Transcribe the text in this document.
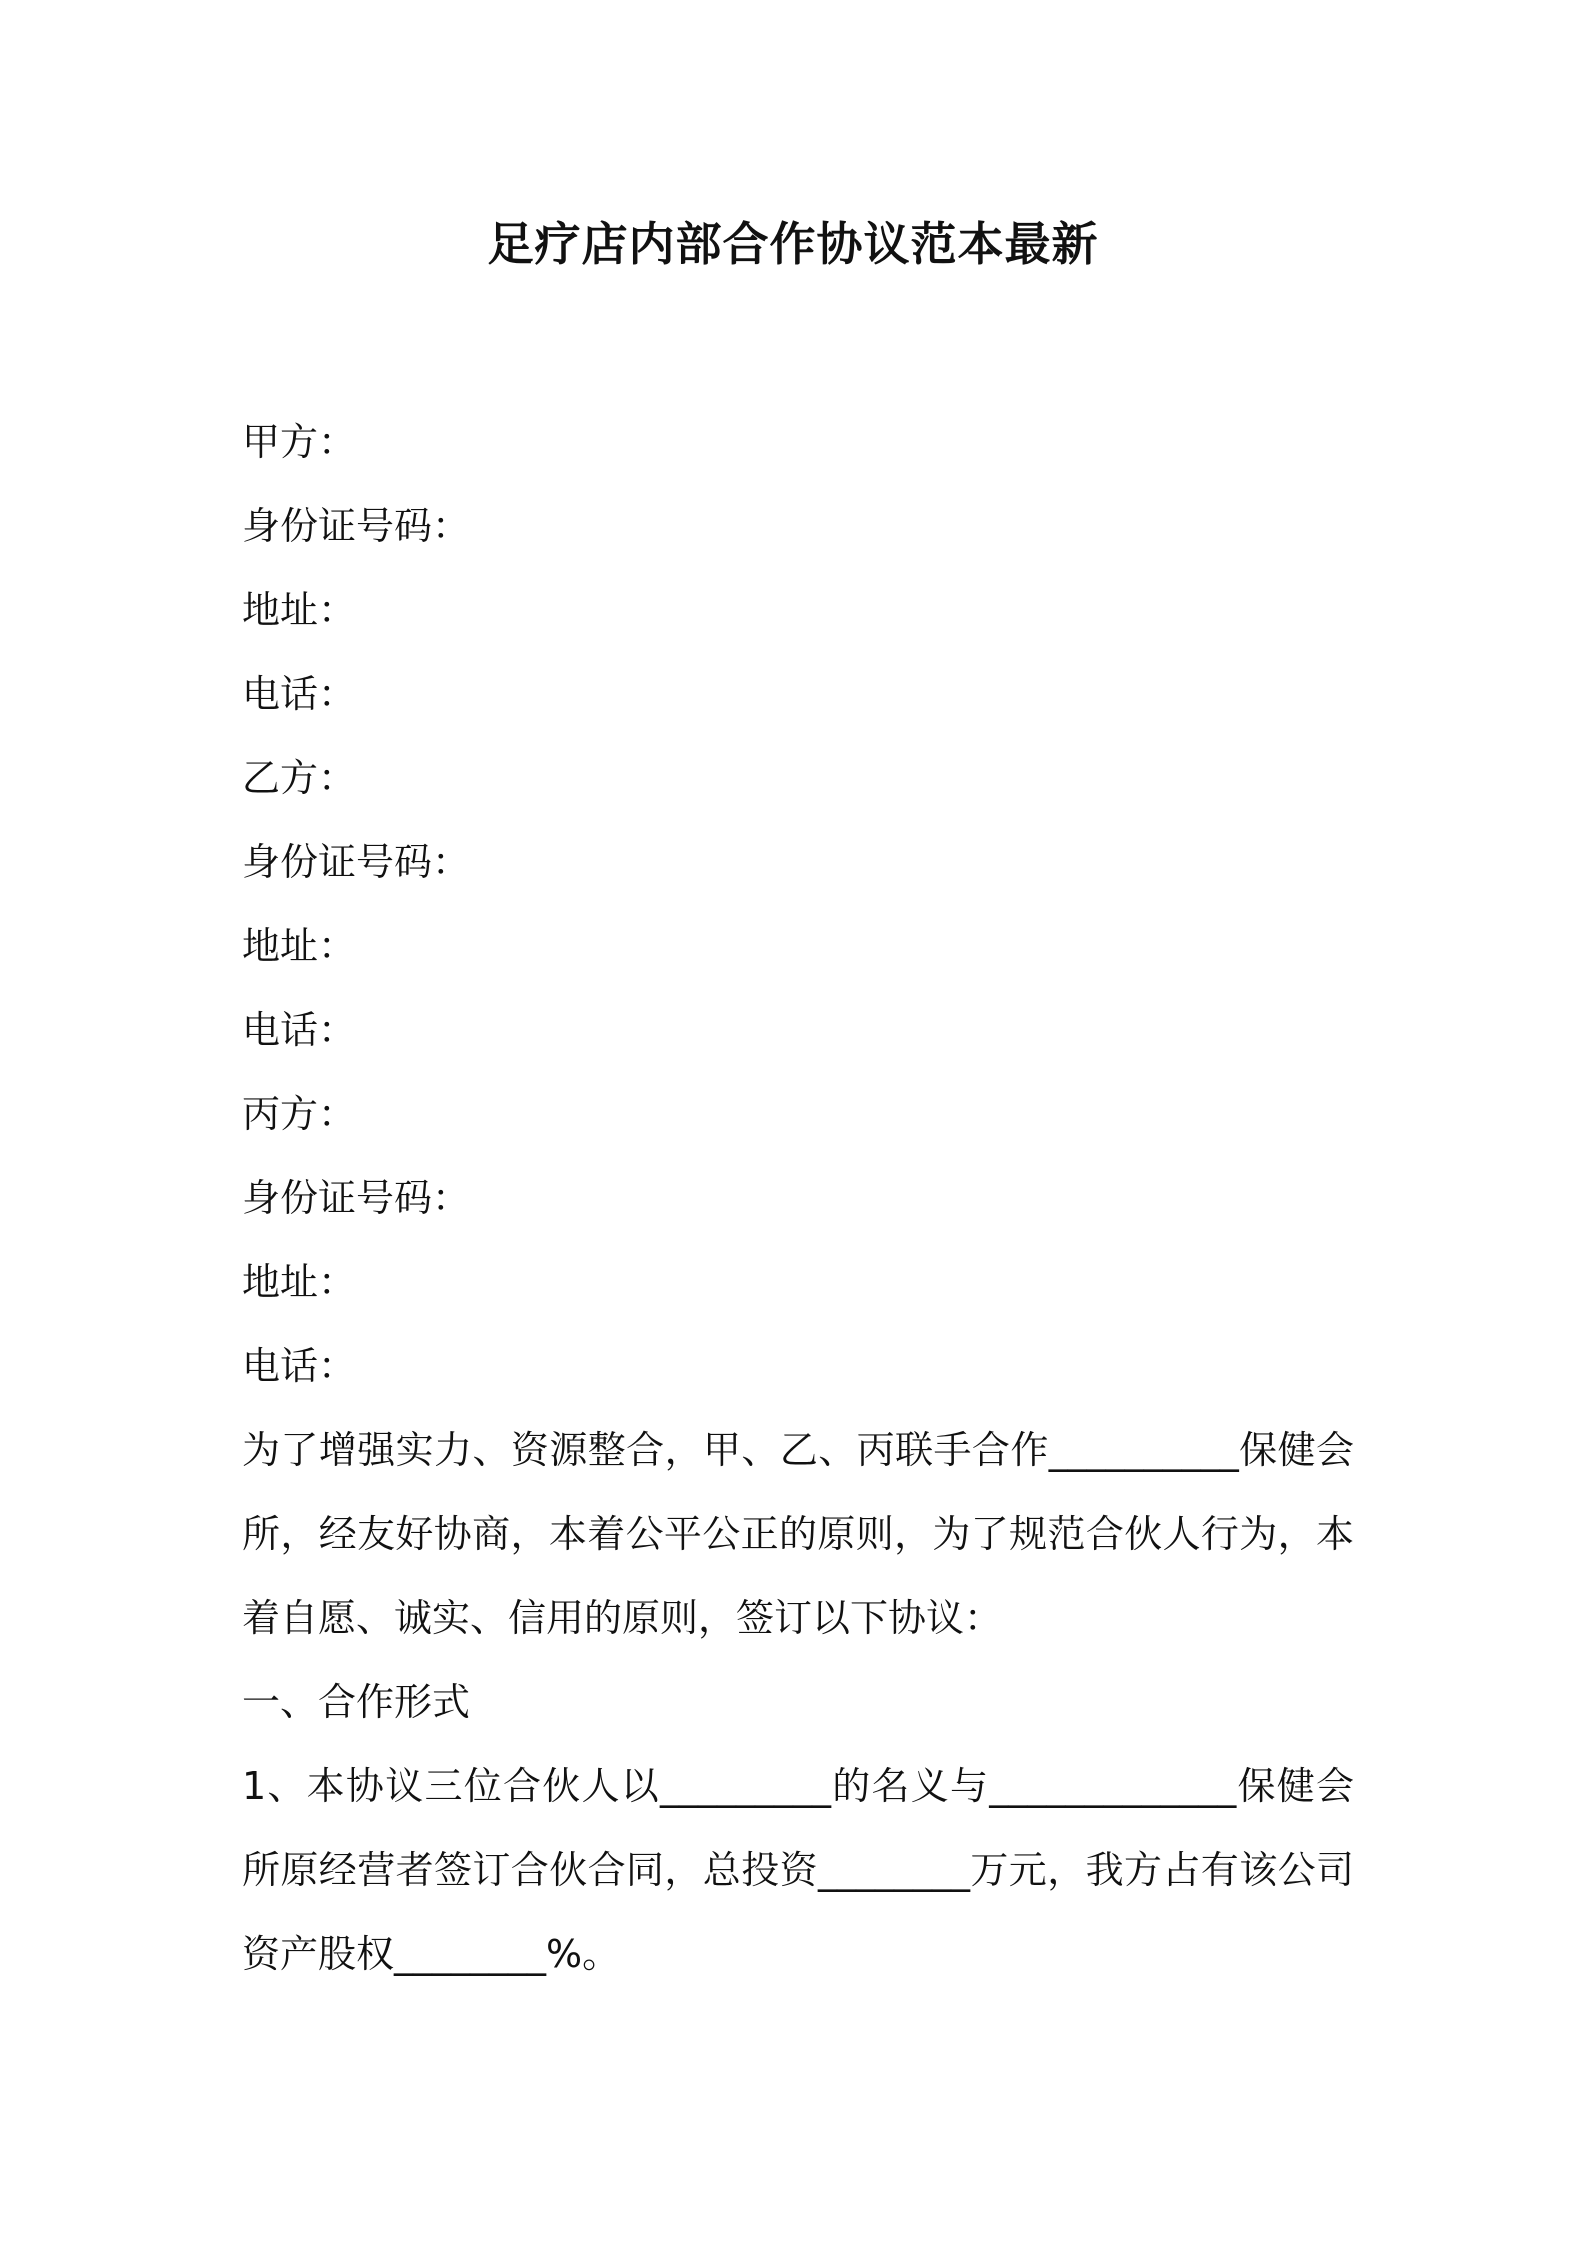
足疗店内部合作协议范本最新

甲方：

身份证号码：

地址：

电话：

乙方：

身份证号码：

地址：

电话：

丙方：

身份证号码：

地址：

电话：

为了增强实力、资源整合，甲、乙、丙联手合作__________保健会所，经友好协商，本着公平公正的原则，为了规范合伙人行为，本着自愿、诚实、信用的原则，签订以下协议：

一、合作形式

1、本协议三位合伙人以_________的名义与_____________保健会所原经营者签订合伙合同，总投资________万元，我方占有该公司资产股权________%。
